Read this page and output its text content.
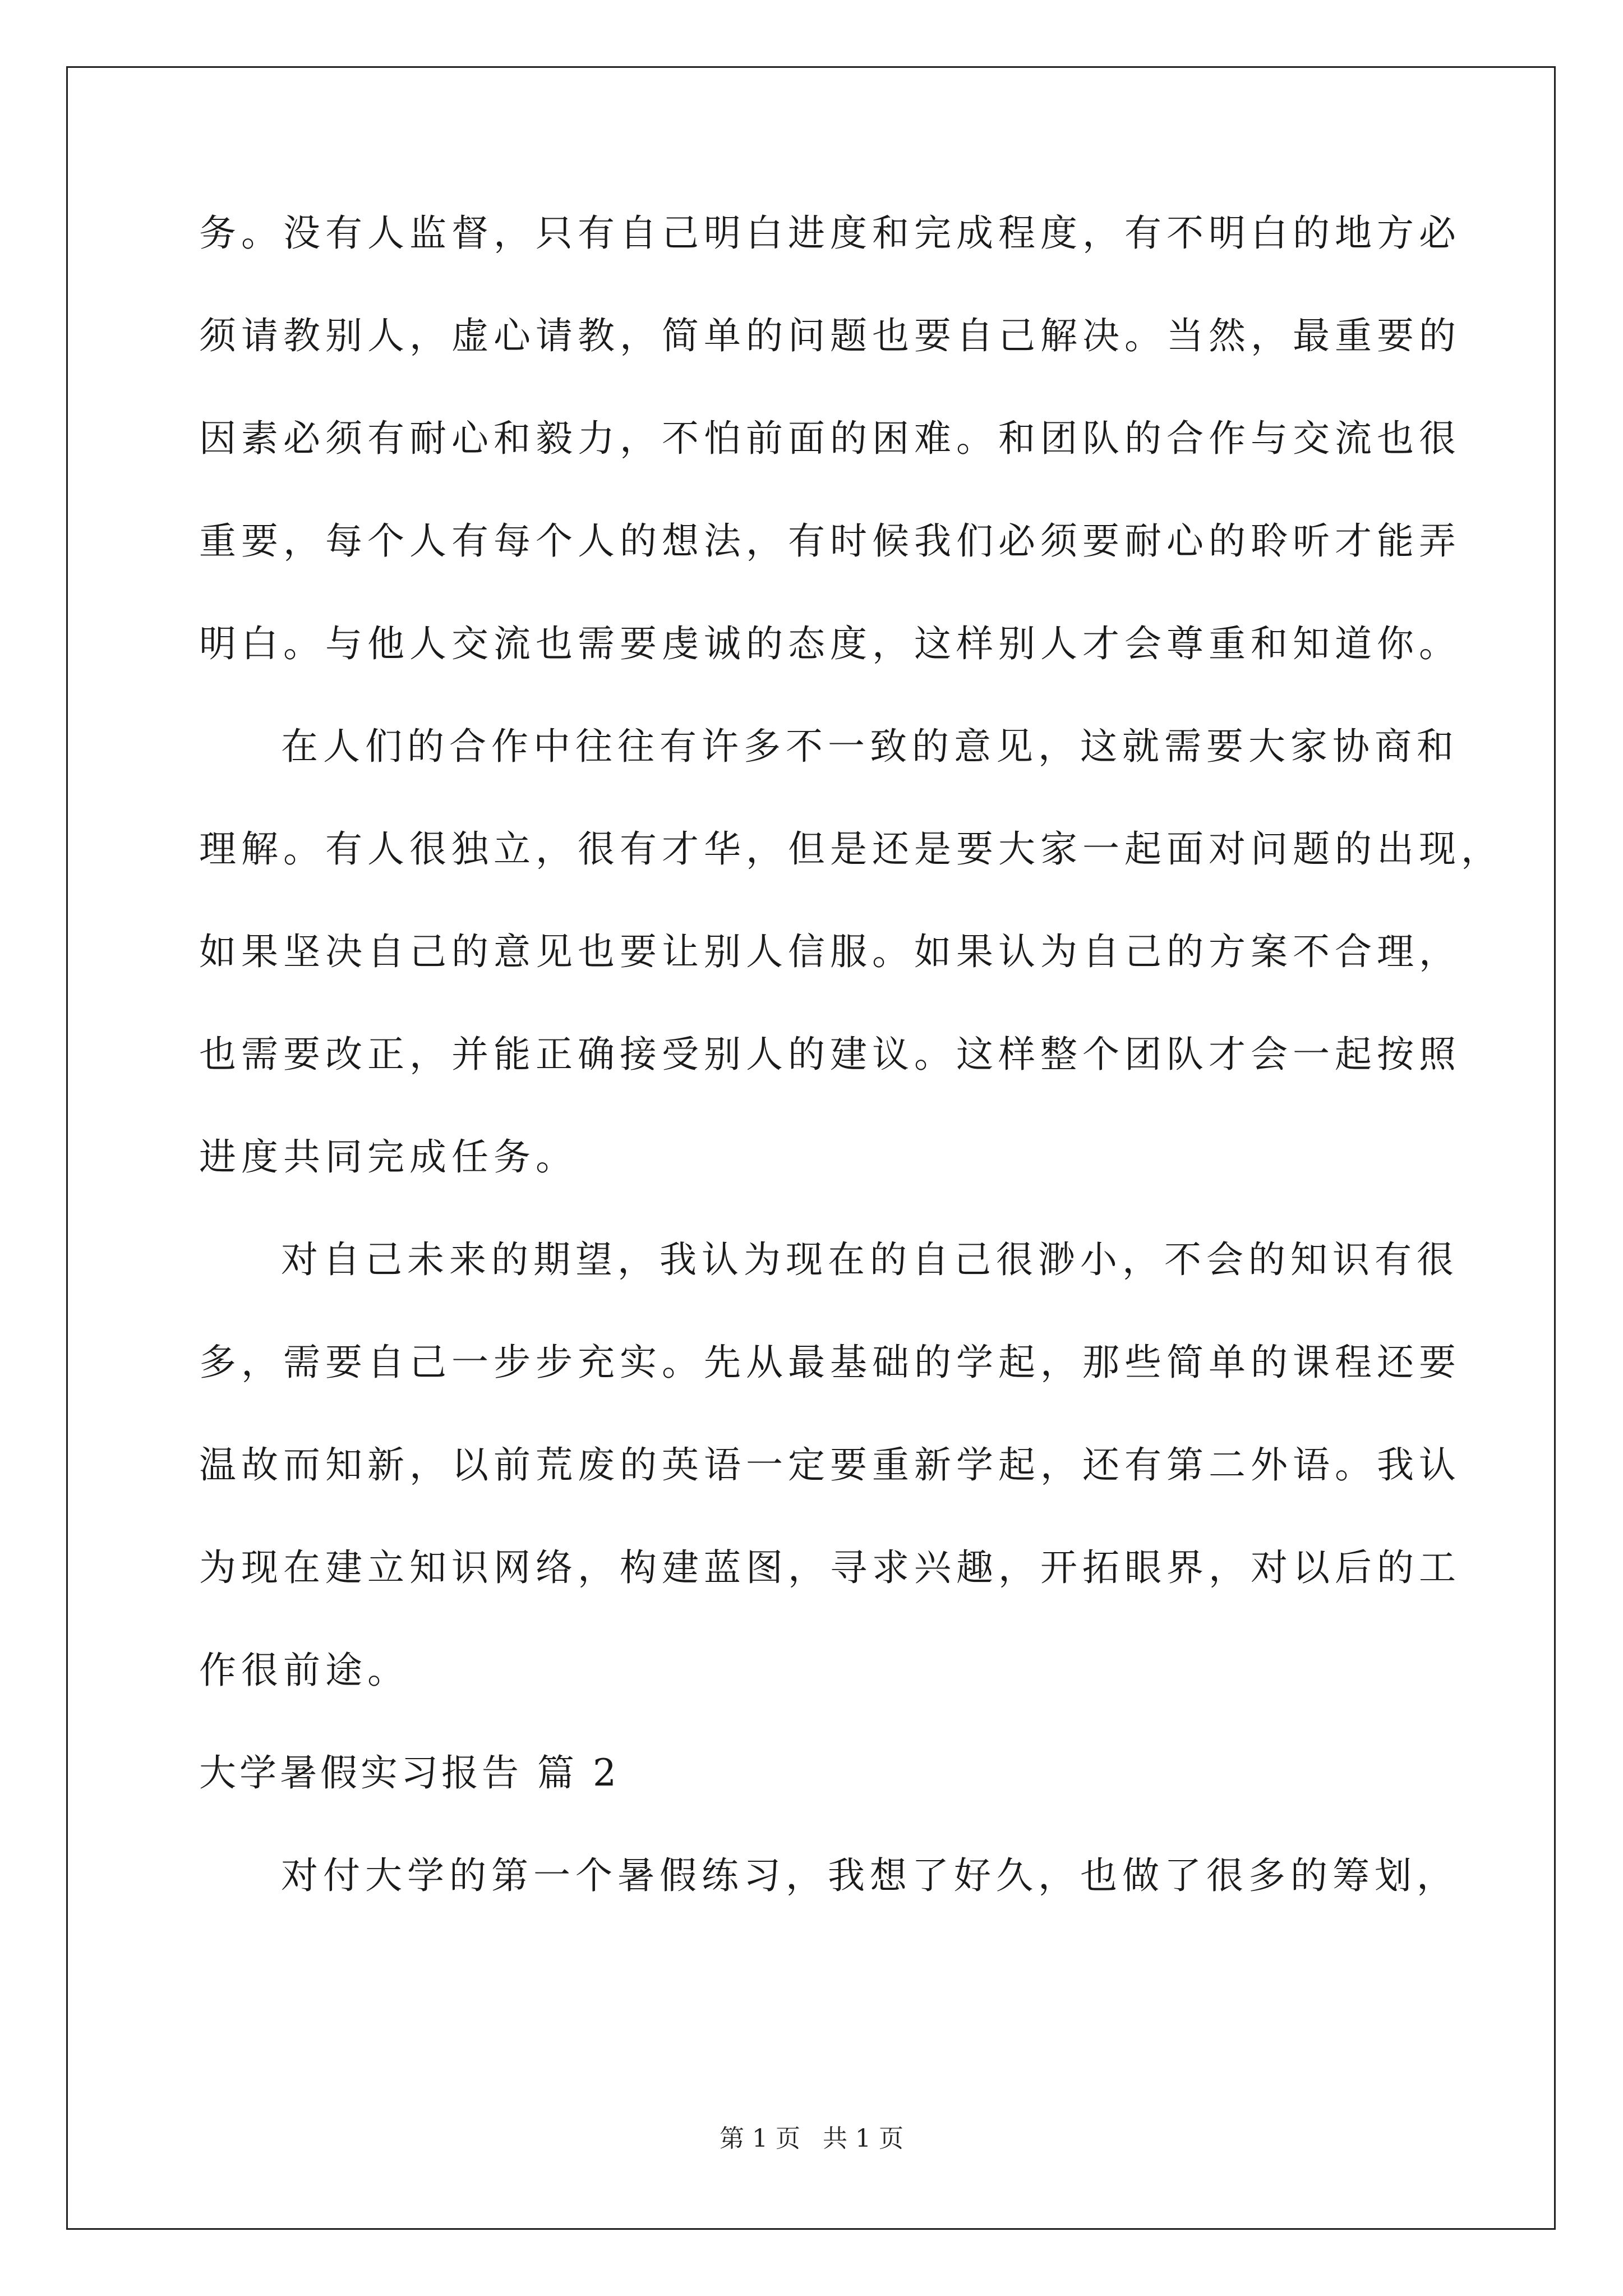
务。没有人监督，只有自己明白进度和完成程度，有不明白的地方必
须请教别人，虚心请教，简单的问题也要自己解决。当然，最重要的
因素必须有耐心和毅力，不怕前面的困难。和团队的合作与交流也很
重要，每个人有每个人的想法，有时候我们必须要耐心的聆听才能弄
明白。与他人交流也需要虔诚的态度，这样别人才会尊重和知道你。
在人们的合作中往往有许多不一致的意见，这就需要大家协商和
理解。有人很独立，很有才华，但是还是要大家一起面对问题的出现，
如果坚决自己的意见也要让别人信服。如果认为自己的方案不合理，
也需要改正，并能正确接受别人的建议。这样整个团队才会一起按照
进度共同完成任务。
对自己未来的期望，我认为现在的自己很渺小，不会的知识有很
多，需要自己一步步充实。先从最基础的学起，那些简单的课程还要
温故而知新，以前荒废的英语一定要重新学起，还有第二外语。我认
为现在建立知识网络，构建蓝图，寻求兴趣，开拓眼界，对以后的工
作很前途。
大学暑假实习报告 篇 2
对付大学的第一个暑假练习，我想了好久，也做了很多的筹划，
第 1 页 共 1 页
